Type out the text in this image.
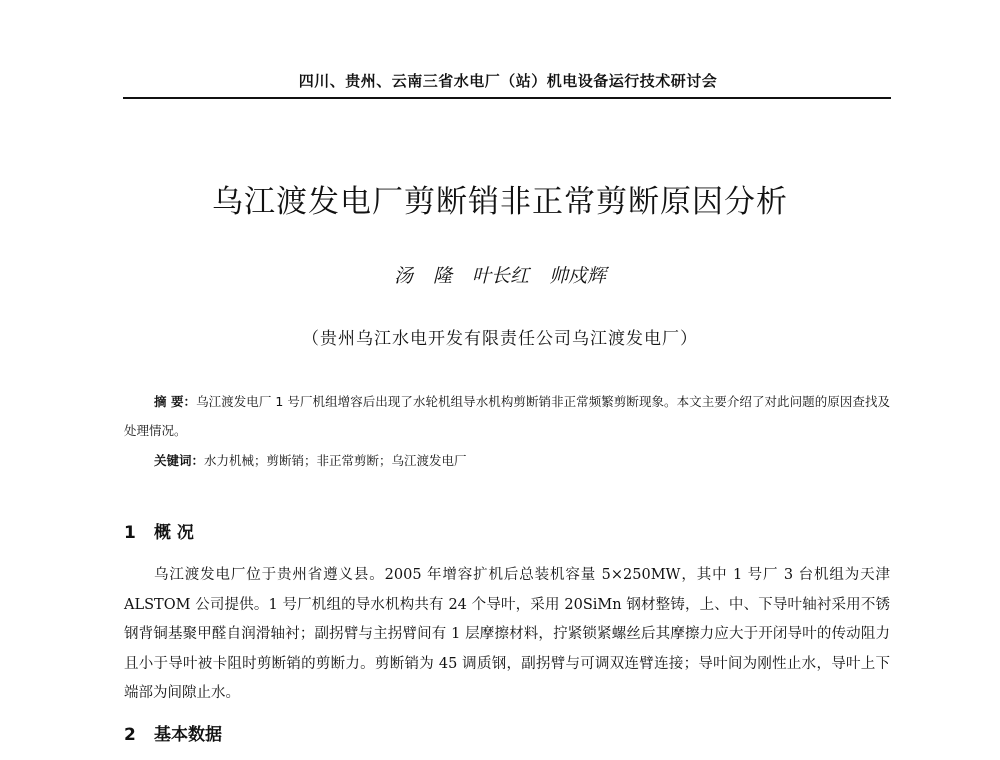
四川、贵州、云南三省水电厂（站）机电设备运行技术研讨会
乌江渡发电厂剪断销非正常剪断原因分析
汤 隆 叶长红 帅戍辉
（贵州乌江水电开发有限责任公司乌江渡发电厂）

摘 要：乌江渡发电厂 1 号厂机组增容后出现了水轮机组导水机构剪断销非正常频繁剪断现象。本文主要介绍了对此问题的原因查找及处理情况。

关键词：水力机械；剪断销；非正常剪断；乌江渡发电厂
1 概 况

乌江渡发电厂位于贵州省遵义县。2005 年增容扩机后总装机容量 5×250MW，其中 1 号厂 3 台机组为天津 ALSTOM 公司提供。1 号厂机组的导水机构共有 24 个导叶，采用 20SiMn 钢材整铸，上、中、下导叶轴衬采用不锈钢背铜基聚甲醛自润滑轴衬；副拐臂与主拐臂间有 1 层摩擦材料，拧紧锁紧螺丝后其摩擦力应大于开闭导叶的传动阻力且小于导叶被卡阻时剪断销的剪断力。剪断销为 45 调质钢，副拐臂与可调双连臂连接；导叶间为刚性止水，导叶上下端部为间隙止水。

2 基本数据
